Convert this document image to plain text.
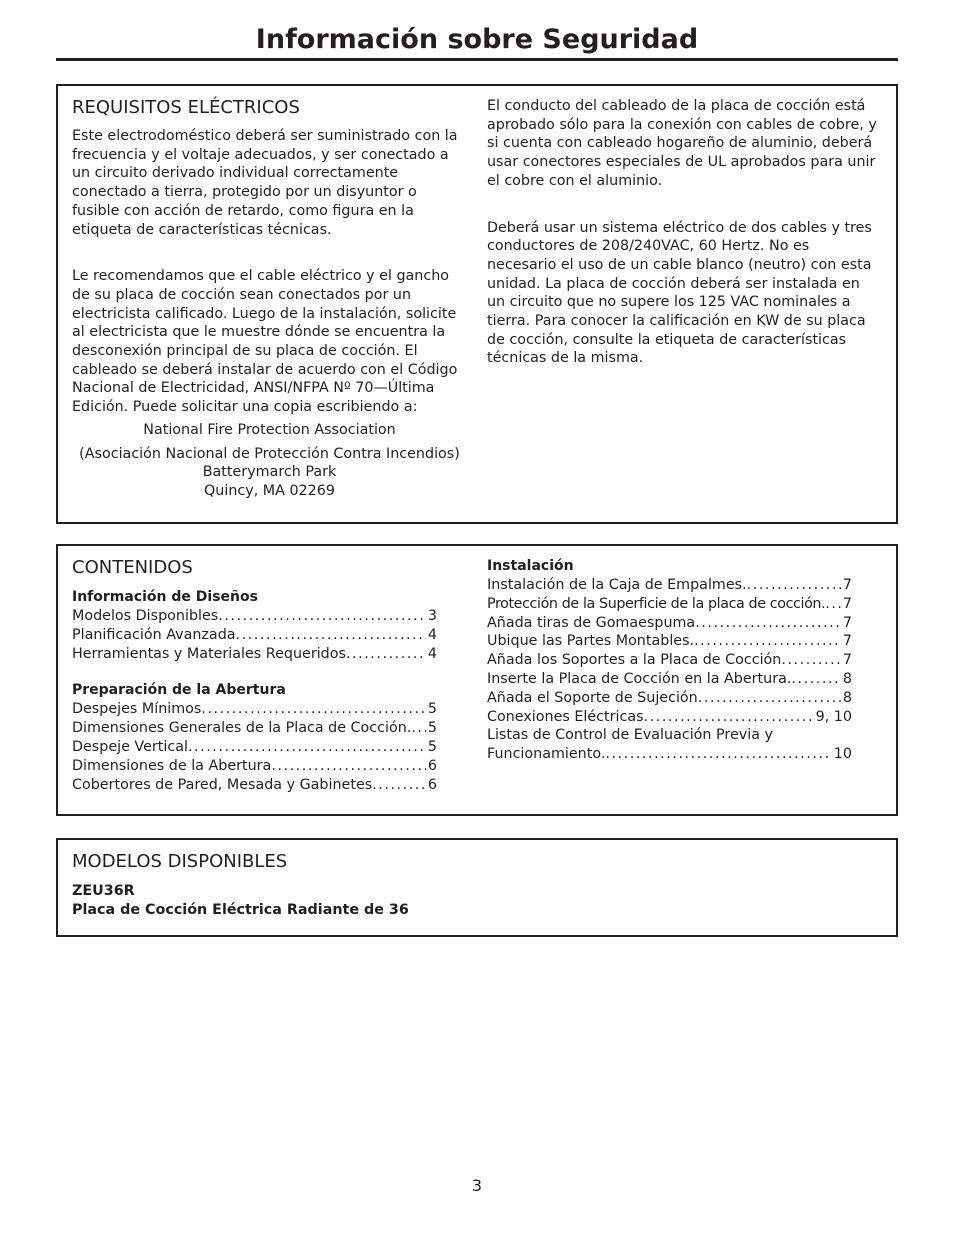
Información sobre Seguridad
REQUISITOS ELÉCTRICOS

Este electrodoméstico deberá ser suministrado con la frecuencia y el voltaje adecuados, y ser conectado a un circuito derivado individual correctamente conectado a tierra, protegido por un disyuntor o fusible con acción de retardo, como figura en la etiqueta de características técnicas.

Le recomendamos que el cable eléctrico y el gancho de su placa de cocción sean conectados por un electricista calificado. Luego de la instalación, solicite al electricista que le muestre dónde se encuentra la desconexión principal de su placa de cocción. El cableado se deberá instalar de acuerdo con el Código Nacional de Electricidad, ANSI/NFPA Nº 70—Última Edición. Puede solicitar una copia escribiendo a:

National Fire Protection Association
(Asociación Nacional de Protección Contra Incendios)
Batterymarch Park
Quincy, MA 02269

El conducto del cableado de la placa de cocción está aprobado sólo para la conexión con cables de cobre, y si cuenta con cableado hogareño de aluminio, deberá usar conectores especiales de UL aprobados para unir el cobre con el aluminio.

Deberá usar un sistema eléctrico de dos cables y tres conductores de 208/240VAC, 60 Hertz. No es necesario el uso de un cable blanco (neutro) con esta unidad. La placa de cocción deberá ser instalada en un circuito que no supere los 125 VAC nominales a tierra. Para conocer la calificación en KW de su placa de cocción, consulte la etiqueta de características técnicas de la misma.

CONTENIDOS
Información de Diseños
Modelos Disponibles . . .	3
Planificación Avanzada . . .	4
Herramientas y Materiales Requeridos . . .	4
Preparación de la Abertura
Despejes Mínimos . . .	5
Dimensiones Generales de la Placa de Cocción. . . . 5
Despeje Vertical . . .	5
Dimensiones de la Abertura . . .	6
Cobertores de Pared, Mesada y Gabinetes . . .	6
Instalación
Instalación de la Caja de Empalmes. . . .	7
Protección de la Superficie de la placa de cocción. . . . 7
Añada tiras de Gomaespuma . . .	7
Ubique las Partes Montables. . . .	7
Añada los Soportes a la Placa de Cocción . . .	7
Inserte la Placa de Cocción en la Abertura. . . .	8
Añada el Soporte de Sujeción . . .	8
Conexiones Eléctricas . . .	9, 10
Listas de Control de Evaluación Previa y
Funcionamiento. . . .	10
MODELOS DISPONIBLES
ZEU36R
Placa de Cocción Eléctrica Radiante de 36
3
